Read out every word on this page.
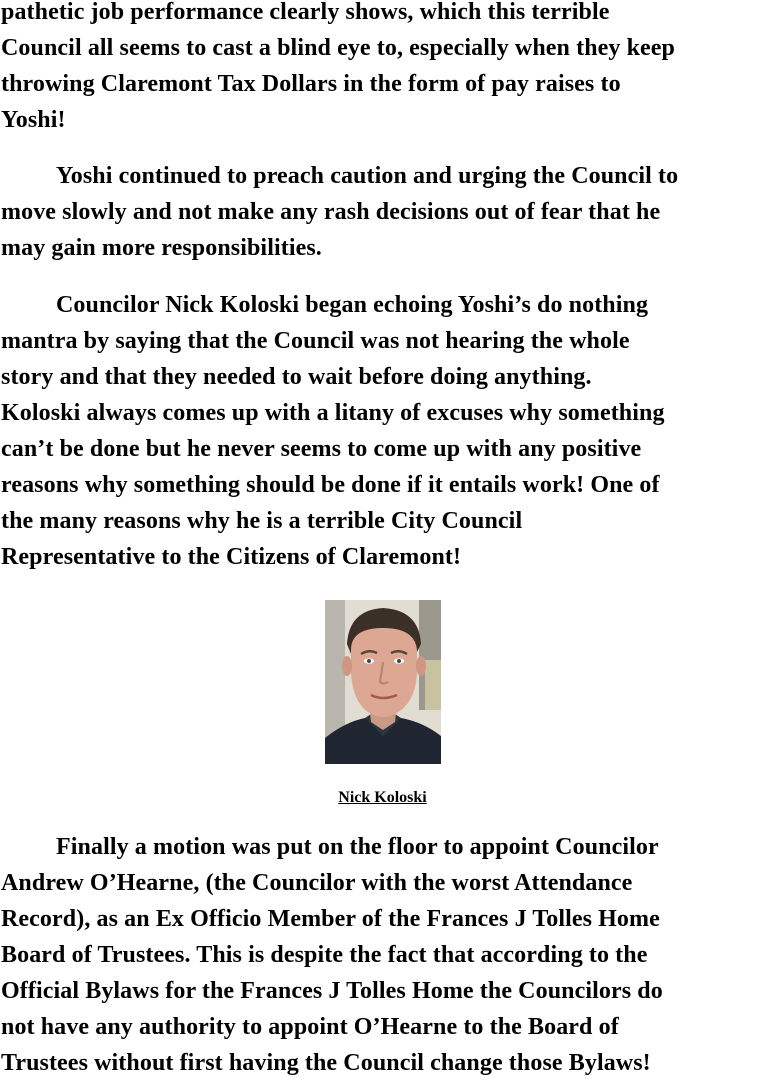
pathetic job performance clearly shows, which this terrible
Council all seems to cast a blind eye to, especially when they keep
throwing Claremont Tax Dollars in the form of pay raises to
Yoshi!

Yoshi continued to preach caution and urging the Council to
move slowly and not make any rash decisions out of fear that he
may gain more responsibilities.

Councilor Nick Koloski began echoing Yoshi’s do nothing
mantra by saying that the Council was not hearing the whole
story and that they needed to wait before doing anything.
Koloski always comes up with a litany of excuses why something
can’t be done but he never seems to come up with any positive
reasons why something should be done if it entails work! One of
the many reasons why he is a terrible City Council
Representative to the Citizens of Claremont!

Nick Koloski

Finally a motion was put on the floor to appoint Councilor
Andrew O’Hearne, (the Councilor with the worst Attendance
Record), as an Ex Officio Member of the Frances J Tolles Home
Board of Trustees. This is despite the fact that according to the
Official Bylaws for the Frances J Tolles Home the Councilors do
not have any authority to appoint O’Hearne to the Board of
Trustees without first having the Council change those Bylaws!
